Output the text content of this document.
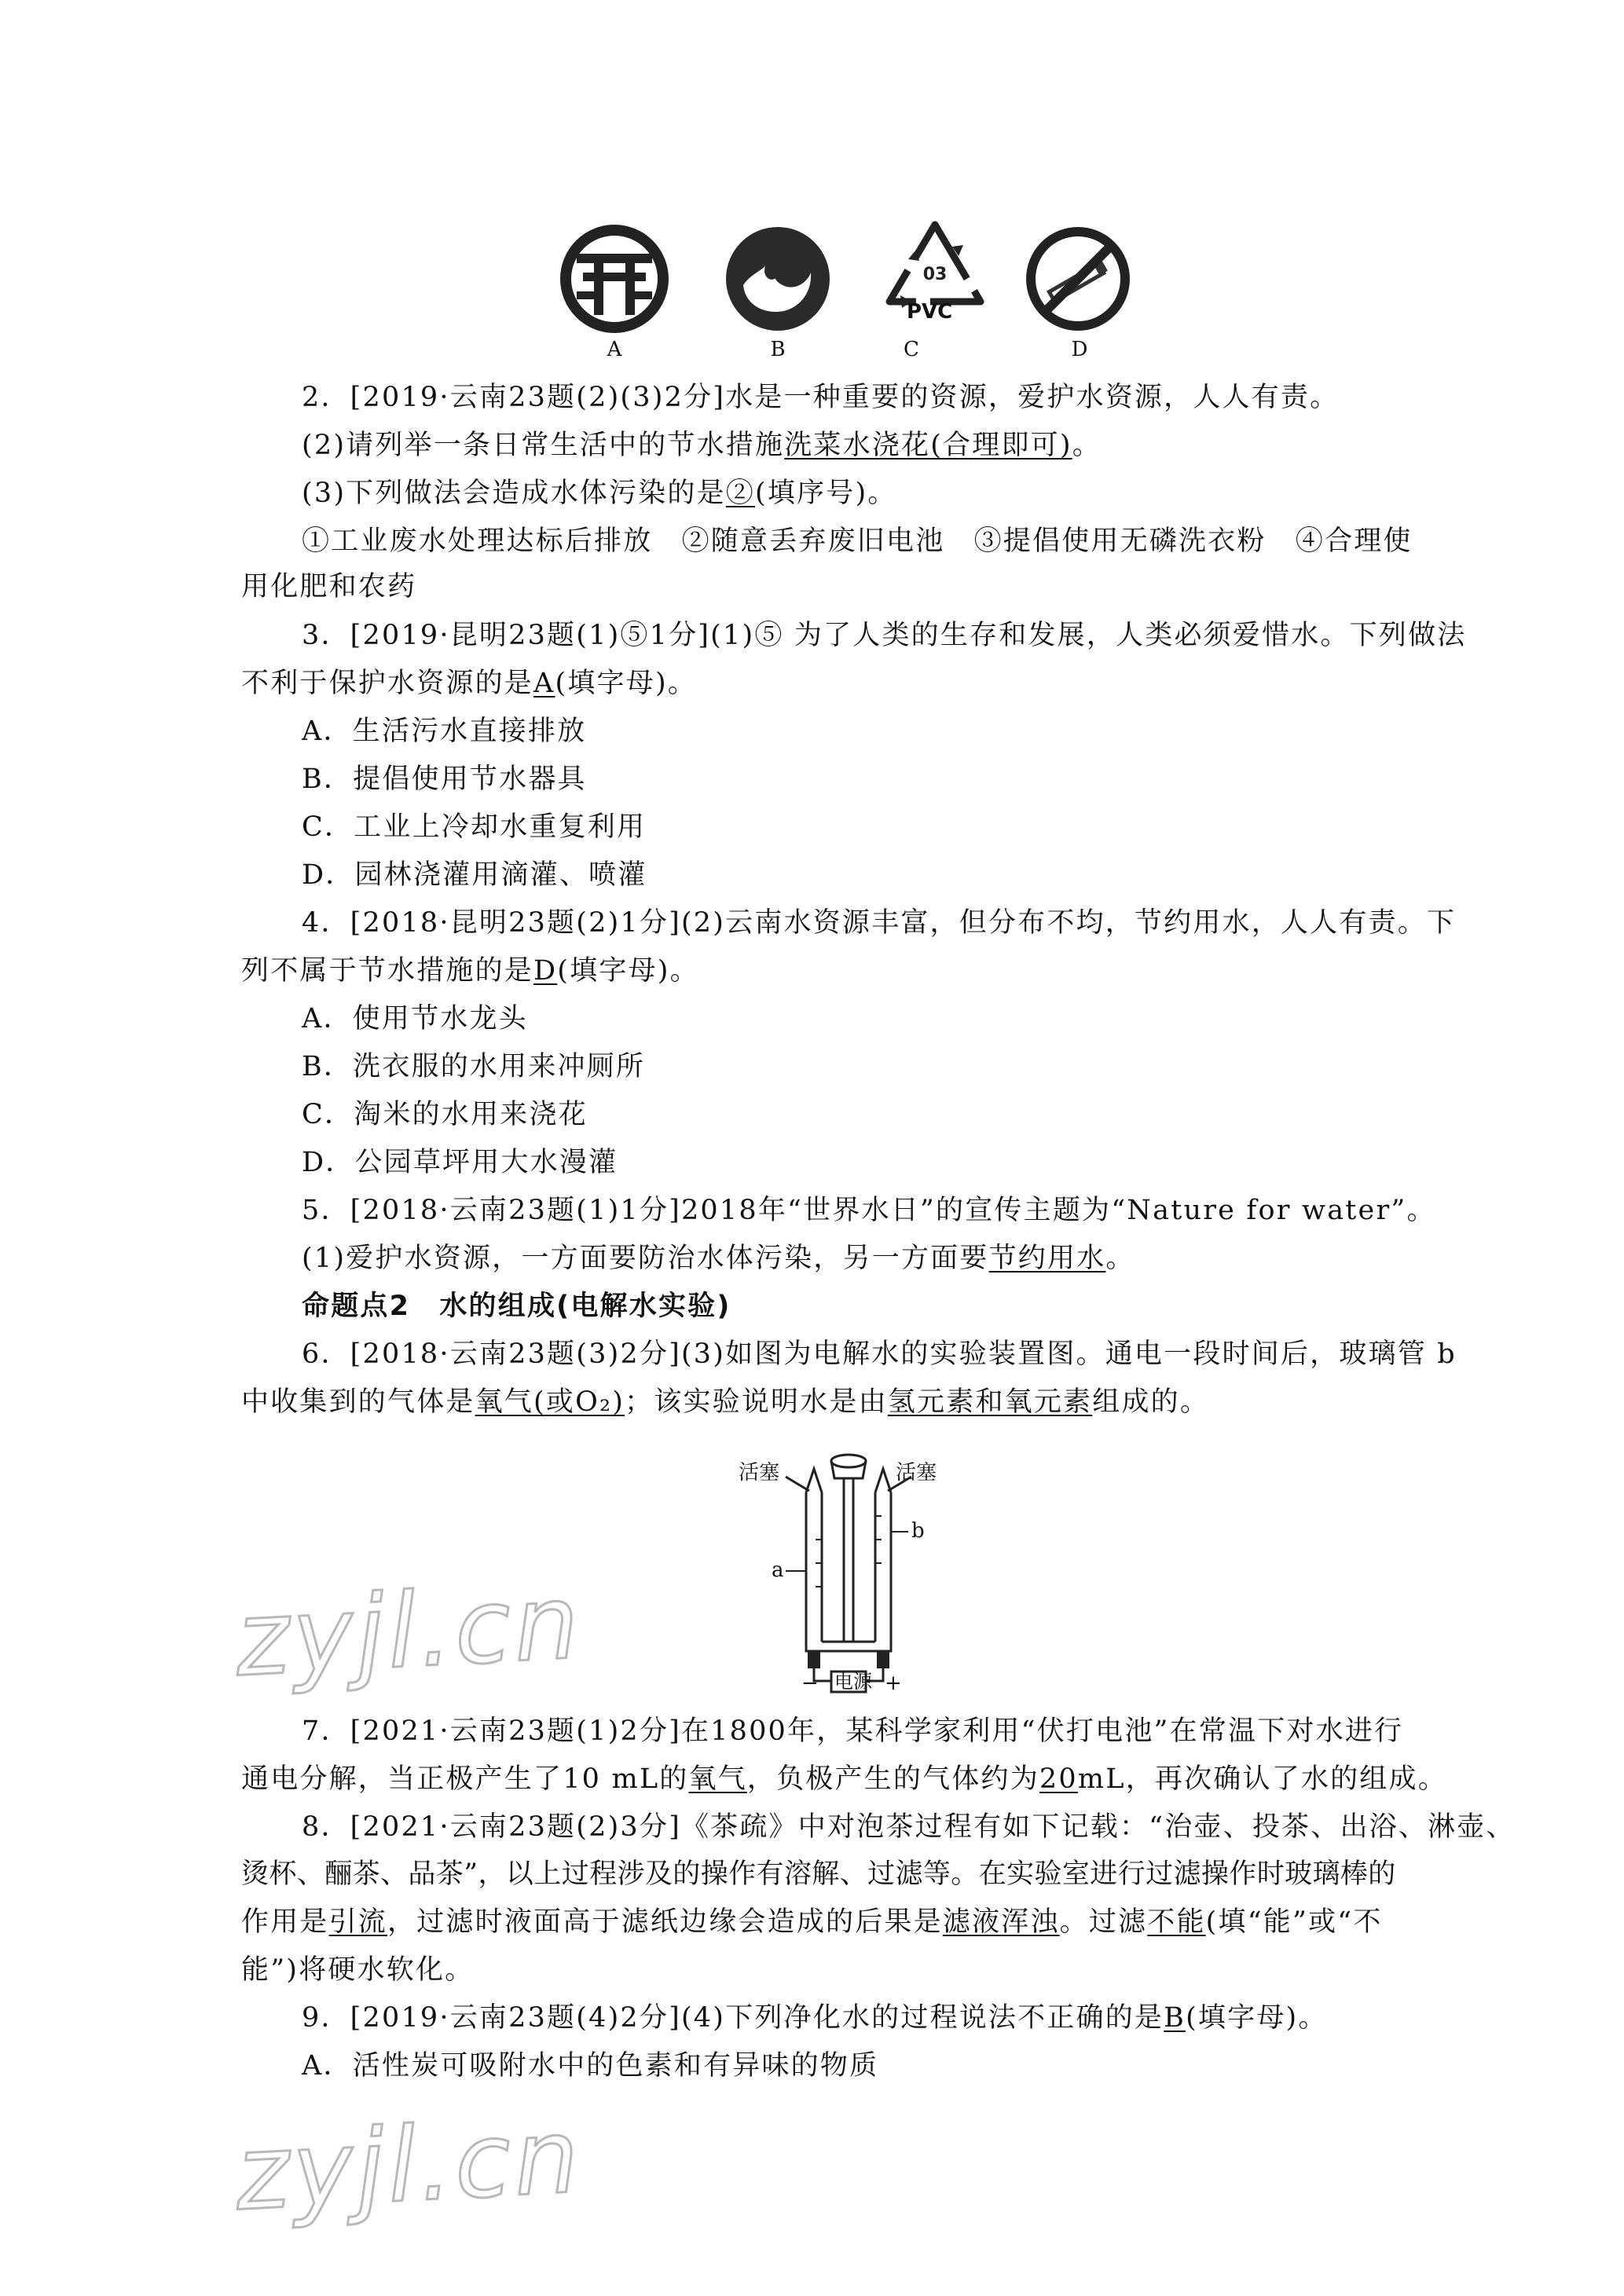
03
PVC
A	B	C	D
2．[2019·云南23题(2)(3)2分]水是一种重要的资源，爱护水资源，人人有责。
(2)请列举一条日常生活中的节水措施洗菜水浇花(合理即可)。
(3)下列做法会造成水体污染的是②(填序号)。
①工业废水处理达标后排放　②随意丢弃废旧电池　③提倡使用无磷洗衣粉　④合理使
用化肥和农药
3．[2019·昆明23题(1)⑤1分](1)⑤ 为了人类的生存和发展，人类必须爱惜水。下列做法
不利于保护水资源的是A(填字母)。
A．生活污水直接排放
B．提倡使用节水器具
C．工业上冷却水重复利用
D．园林浇灌用滴灌、喷灌
4．[2018·昆明23题(2)1分](2)云南水资源丰富，但分布不均，节约用水，人人有责。下
列不属于节水措施的是D(填字母)。
A．使用节水龙头
B．洗衣服的水用来冲厕所
C．淘米的水用来浇花
D．公园草坪用大水漫灌
5．[2018·云南23题(1)1分]2018年“世界水日”的宣传主题为“Nature for water”。
(1)爱护水资源，一方面要防治水体污染，另一方面要节约用水。
命题点2　水的组成(电解水实验)
6．[2018·云南23题(3)2分](3)如图为电解水的实验装置图。通电一段时间后，玻璃管 b
中收集到的气体是氧气(或O₂)；该实验说明水是由氢元素和氧元素组成的。
活塞	活塞
a
b
电源
−	+
7．[2021·云南23题(1)2分]在1800年，某科学家利用“伏打电池”在常温下对水进行
通电分解，当正极产生了10 mL的氧气，负极产生的气体约为20mL，再次确认了水的组成。
8．[2021·云南23题(2)3分]《茶疏》中对泡茶过程有如下记载：“治壶、投茶、出浴、淋壶、
烫杯、酾茶、品茶”，以上过程涉及的操作有溶解、过滤等。在实验室进行过滤操作时玻璃棒的
作用是引流，过滤时液面高于滤纸边缘会造成的后果是滤液浑浊。过滤不能(填“能”或“不
能”)将硬水软化。
9．[2019·云南23题(4)2分](4)下列净化水的过程说法不正确的是B(填字母)。
A．活性炭可吸附水中的色素和有异味的物质
zyjl.cn
zyjl.cn
